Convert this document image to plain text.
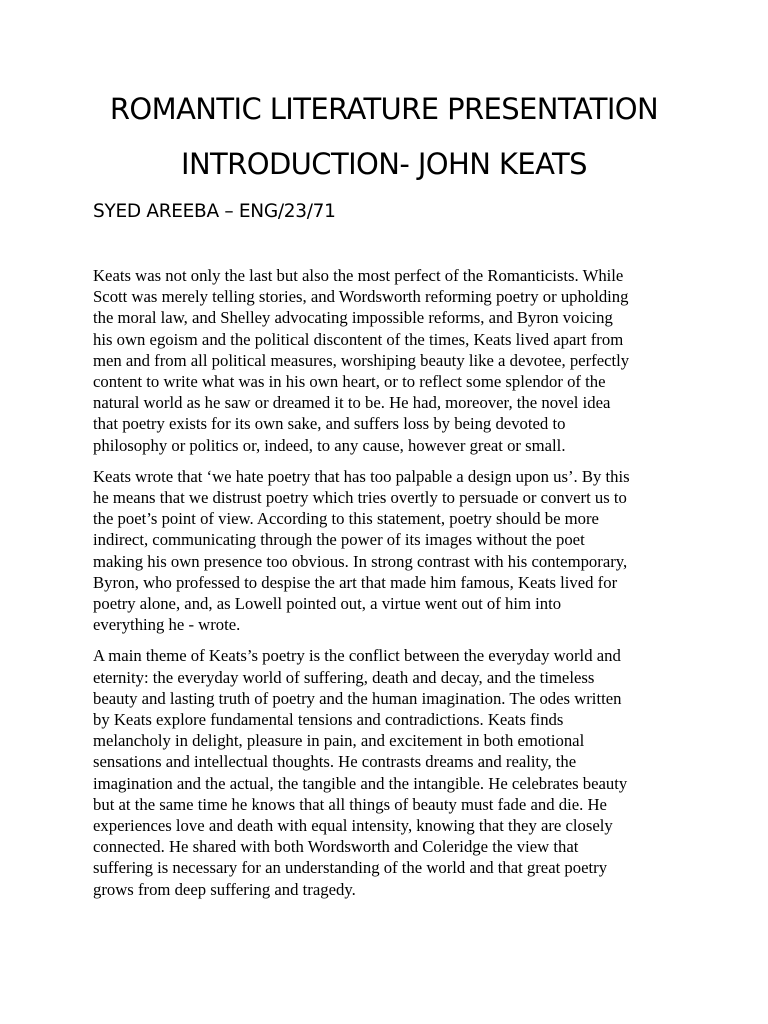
ROMANTIC LITERATURE PRESENTATION
INTRODUCTION- JOHN KEATS

SYED AREEBA – ENG/23/71

Keats was not only the last but also the most perfect of the Romanticists. While
Scott was merely telling stories, and Wordsworth reforming poetry or upholding
the moral law, and Shelley advocating impossible reforms, and Byron voicing
his own egoism and the political discontent of the times, Keats lived apart from
men and from all political measures, worshiping beauty like a devotee, perfectly
content to write what was in his own heart, or to reflect some splendor of the
natural world as he saw or dreamed it to be. He had, moreover, the novel idea
that poetry exists for its own sake, and suffers loss by being devoted to
philosophy or politics or, indeed, to any cause, however great or small.

Keats wrote that ‘we hate poetry that has too palpable a design upon us’. By this
he means that we distrust poetry which tries overtly to persuade or convert us to
the poet’s point of view. According to this statement, poetry should be more
indirect, communicating through the power of its images without the poet
making his own presence too obvious. In strong contrast with his contemporary,
Byron, who professed to despise the art that made him famous, Keats lived for
poetry alone, and, as Lowell pointed out, a virtue went out of him into
everything he - wrote.

A main theme of Keats’s poetry is the conflict between the everyday world and
eternity: the everyday world of suffering, death and decay, and the timeless
beauty and lasting truth of poetry and the human imagination. The odes written
by Keats explore fundamental tensions and contradictions. Keats finds
melancholy in delight, pleasure in pain, and excitement in both emotional
sensations and intellectual thoughts. He contrasts dreams and reality, the
imagination and the actual, the tangible and the intangible. He celebrates beauty
but at the same time he knows that all things of beauty must fade and die. He
experiences love and death with equal intensity, knowing that they are closely
connected. He shared with both Wordsworth and Coleridge the view that
suffering is necessary for an understanding of the world and that great poetry
grows from deep suffering and tragedy.
